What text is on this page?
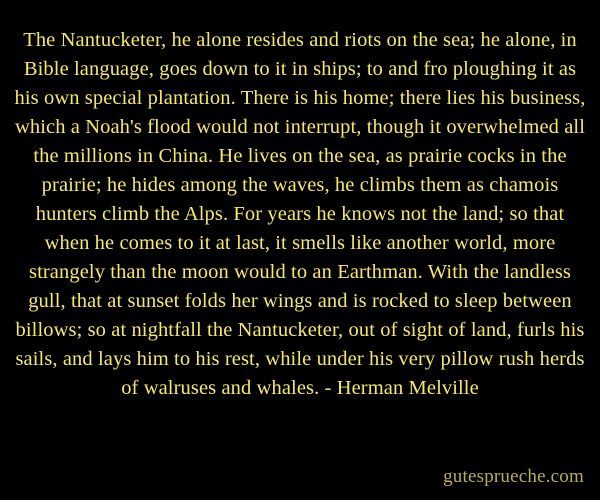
The Nantucketer, he alone resides and riots on the sea; he alone, in Bible language, goes down to it in ships; to and fro ploughing it as his own special plantation. There is his home; there lies his business, which a Noah's flood would not interrupt, though it overwhelmed all the millions in China. He lives on the sea, as prairie cocks in the prairie; he hides among the waves, he climbs them as chamois hunters climb the Alps. For years he knows not the land; so that when he comes to it at last, it smells like another world, more strangely than the moon would to an Earthman. With the landless gull, that at sunset folds her wings and is rocked to sleep between billows; so at nightfall the Nantucketer, out of sight of land, furls his sails, and lays him to his rest, while under his very pillow rush herds of walruses and whales. - Herman Melville
gutesprueche.com
